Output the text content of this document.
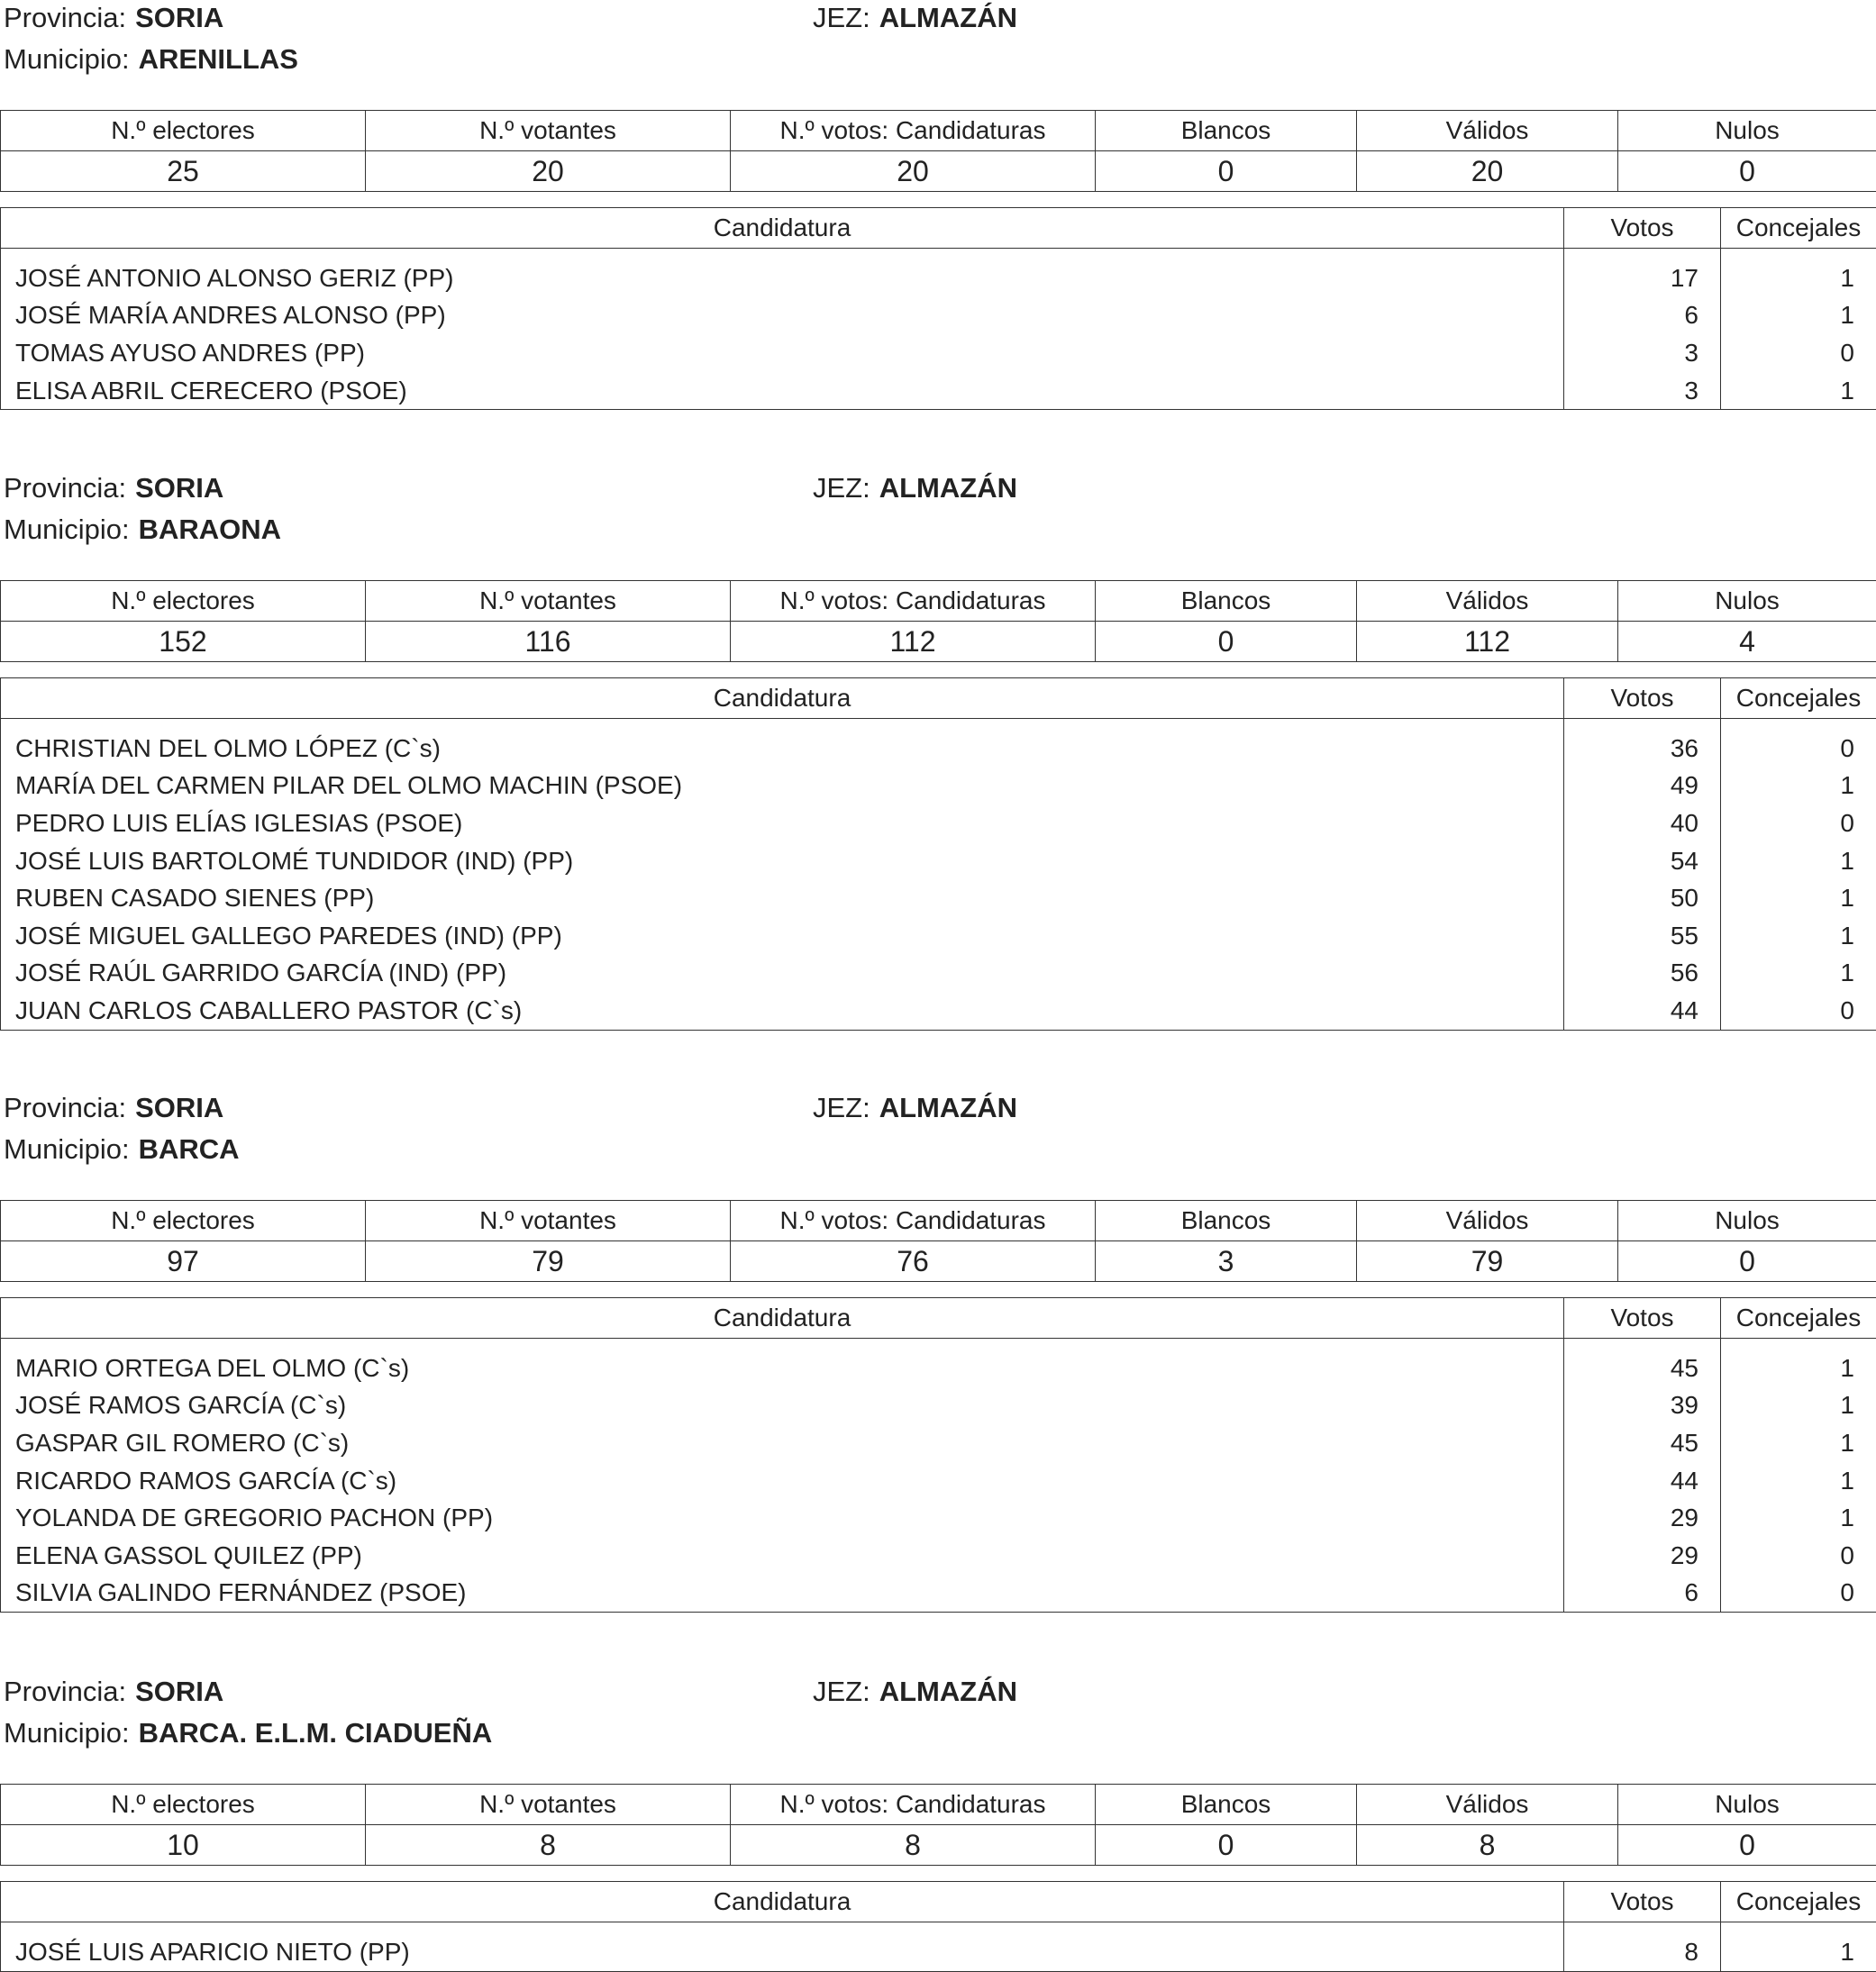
Provincia: SORIA	JEZ: ALMAZÁN
Municipio: ARENILLAS
N.º electores	N.º votantes	N.º votos: Candidaturas	Blancos	Válidos	Nulos
25	20	20	0	20	0
Candidatura	Votos	Concejales
JOSÉ ANTONIO ALONSO GERIZ (PP)	17	1
JOSÉ MARÍA ANDRES ALONSO (PP)	6	1
TOMAS AYUSO ANDRES (PP)	3	0
ELISA ABRIL CERECERO (PSOE)	3	1
Provincia: SORIA	JEZ: ALMAZÁN
Municipio: BARAONA
N.º electores	N.º votantes	N.º votos: Candidaturas	Blancos	Válidos	Nulos
152	116	112	0	112	4
Candidatura	Votos	Concejales
CHRISTIAN DEL OLMO LÓPEZ (C`s)	36	0
MARÍA DEL CARMEN PILAR DEL OLMO MACHIN (PSOE)	49	1
PEDRO LUIS ELÍAS IGLESIAS (PSOE)	40	0
JOSÉ LUIS BARTOLOMÉ TUNDIDOR (IND) (PP)	54	1
RUBEN CASADO SIENES (PP)	50	1
JOSÉ MIGUEL GALLEGO PAREDES (IND) (PP)	55	1
JOSÉ RAÚL GARRIDO GARCÍA (IND) (PP)	56	1
JUAN CARLOS CABALLERO PASTOR (C`s)	44	0
Provincia: SORIA	JEZ: ALMAZÁN
Municipio: BARCA
N.º electores	N.º votantes	N.º votos: Candidaturas	Blancos	Válidos	Nulos
97	79	76	3	79	0
Candidatura	Votos	Concejales
MARIO ORTEGA DEL OLMO (C`s)	45	1
JOSÉ RAMOS GARCÍA (C`s)	39	1
GASPAR GIL ROMERO (C`s)	45	1
RICARDO RAMOS GARCÍA (C`s)	44	1
YOLANDA DE GREGORIO PACHON (PP)	29	1
ELENA GASSOL QUILEZ (PP)	29	0
SILVIA GALINDO FERNÁNDEZ (PSOE)	6	0
Provincia: SORIA	JEZ: ALMAZÁN
Municipio: BARCA. E.L.M. CIADUEÑA
N.º electores	N.º votantes	N.º votos: Candidaturas	Blancos	Válidos	Nulos
10	8	8	0	8	0
Candidatura	Votos	Concejales
JOSÉ LUIS APARICIO NIETO (PP)	8	1
